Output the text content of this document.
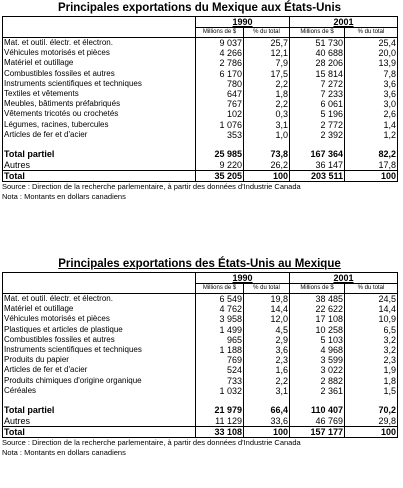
Principales exportations du Mexique aux États-Unis
	1990		2001	
	Millions de $	% du total	Millions de $	% du total
Mat. et outil. électr. et électron.	9 037	25,7	51 730	25,4
Véhicules motorisés et pièces	4 266	12,1	40 688	20,0
Matériel et outillage	2 786	7,9	28 206	13,9
Combustibles fossiles et autres	6 170	17,5	15 814	7,8
Instruments scientifiques et techniques	780	2,2	7 272	3,6
Textiles et vêtements	647	1,8	7 233	3,6
Meubles, bâtiments préfabriqués	767	2,2	6 061	3,0
Vêtements tricotés ou crochetés	102	0,3	5 196	2,6
Légumes, racines, tubercules	1 076	3,1	2 772	1,4
Articles de fer et d'acier	353	1,0	2 392	1,2

Total partiel	25 985	73,8	167 364	82,2
Autres	9 220	26,2	36 147	17,8
Total	35 205	100	203 511	100
Source : Direction de la recherche parlementaire, à partir des données d'Industrie Canada
Nota : Montants en dollars canadiens
Principales exportations des États-Unis au Mexique
	1990		2001	
	Millions de $	% du total	Millions de $	% du total
Mat. et outil. électr. et électron.	6 549	19,8	38 485	24,5
Matériel et outillage	4 762	14,4	22 622	14,4
Véhicules motorisés et pièces	3 958	12,0	17 108	10,9
Plastiques et articles de plastique	1 499	4,5	10 258	6,5
Combustibles fossiles et autres	965	2,9	5 103	3,2
Instruments scientifiques et techniques	1 188	3,6	4 968	3,2
Produits du papier	769	2,3	3 599	2,3
Articles de fer et d'acier	524	1,6	3 022	1,9
Produits chimiques d'origine organique	733	2,2	2 882	1,8
Céréales	1 032	3,1	2 361	1,5

Total partiel	21 979	66,4	110 407	70,2
Autres	11 129	33,6	46 769	29,8
Total	33 108	100	157 177	100
Source : Direction de la recherche parlementaire, à partir des données d'Industrie Canada
Nota : Montants en dollars canadiens
